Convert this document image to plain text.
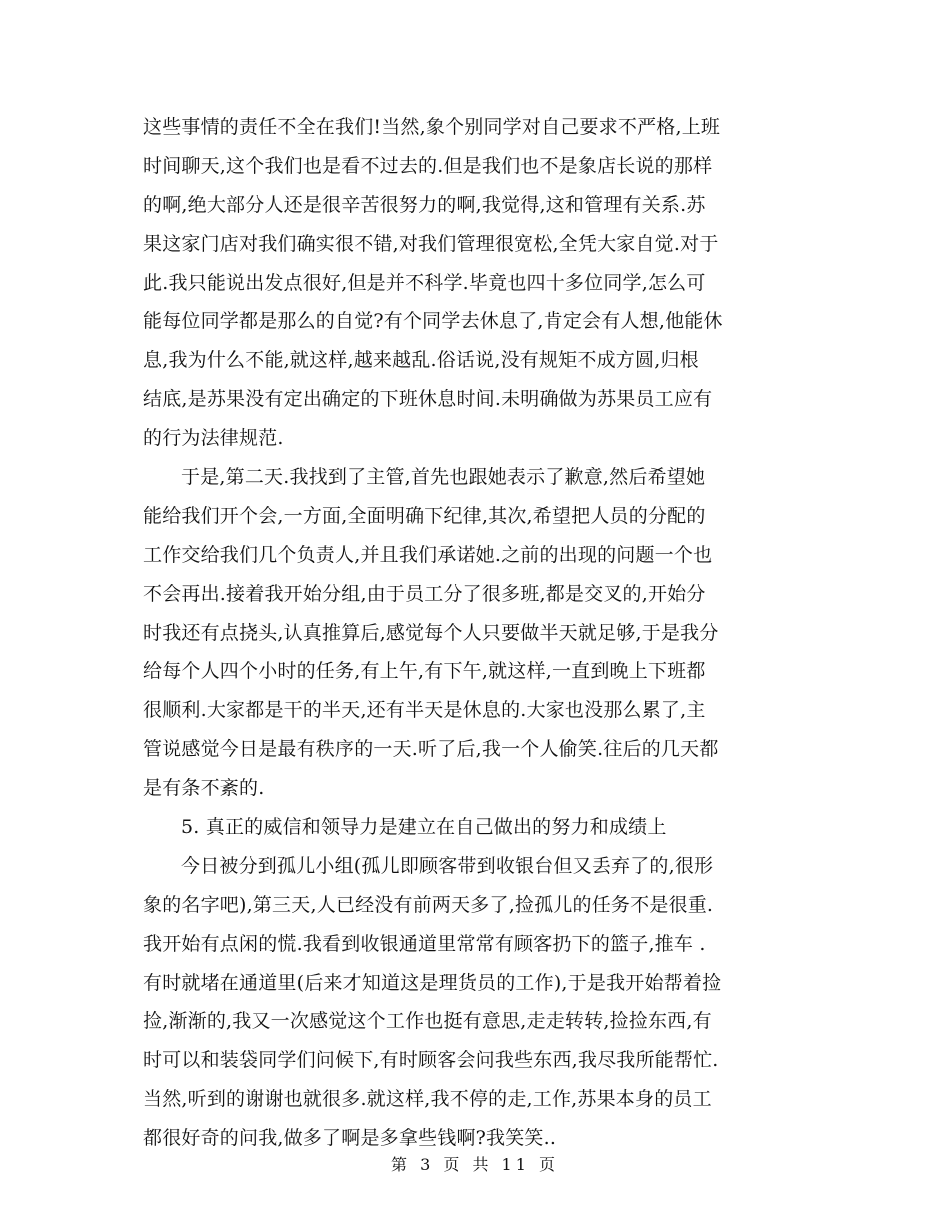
这些事情的责任不全在我们!当然,象个别同学对自己要求不严格,上班
时间聊天,这个我们也是看不过去的.但是我们也不是象店长说的那样
的啊,绝大部分人还是很辛苦很努力的啊,我觉得,这和管理有关系.苏
果这家门店对我们确实很不错,对我们管理很宽松,全凭大家自觉.对于
此.我只能说出发点很好,但是并不科学.毕竟也四十多位同学,怎么可
能每位同学都是那么的自觉?有个同学去休息了,肯定会有人想,他能休
息,我为什么不能,就这样,越来越乱.俗话说,没有规矩不成方圆,归根
结底,是苏果没有定出确定的下班休息时间.未明确做为苏果员工应有
的行为法律规范.
于是,第二天.我找到了主管,首先也跟她表示了歉意,然后希望她
能给我们开个会,一方面,全面明确下纪律,其次,希望把人员的分配的
工作交给我们几个负责人,并且我们承诺她.之前的出现的问题一个也
不会再出.接着我开始分组,由于员工分了很多班,都是交叉的,开始分
时我还有点挠头,认真推算后,感觉每个人只要做半天就足够,于是我分
给每个人四个小时的任务,有上午,有下午,就这样,一直到晚上下班都
很顺利.大家都是干的半天,还有半天是休息的.大家也没那么累了,主
管说感觉今日是最有秩序的一天.听了后,我一个人偷笑.往后的几天都
是有条不紊的.
5. 真正的威信和领导力是建立在自己做出的努力和成绩上
今日被分到孤儿小组(孤儿即顾客带到收银台但又丢弃了的,很形
象的名字吧),第三天,人已经没有前两天多了,捡孤儿的任务不是很重.
我开始有点闲的慌.我看到收银通道里常常有顾客扔下的篮子,推车 .
有时就堵在通道里(后来才知道这是理货员的工作),于是我开始帮着捡
捡,渐渐的,我又一次感觉这个工作也挺有意思,走走转转,捡捡东西,有
时可以和装袋同学们问候下,有时顾客会问我些东西,我尽我所能帮忙.
当然,听到的谢谢也就很多.就这样,我不停的走,工作,苏果本身的员工
都很好奇的问我,做多了啊是多拿些钱啊?我笑笑..
第 3 页 共 11 页
